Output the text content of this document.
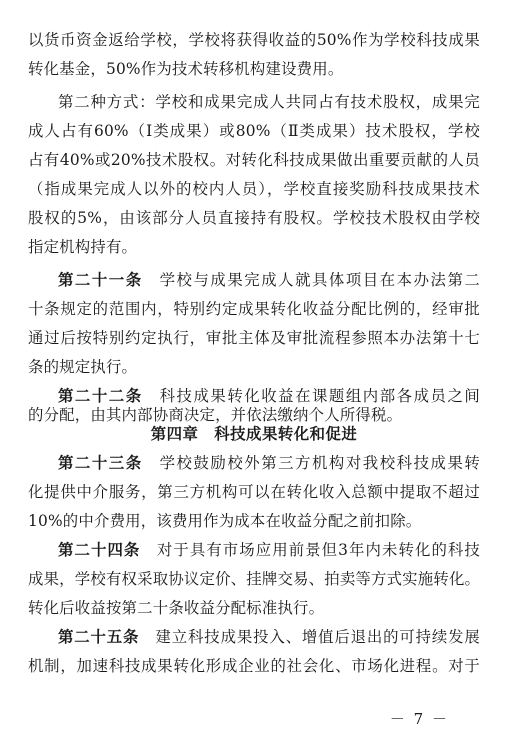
以货币资金返给学校，学校将获得收益的50%作为学校科技成果
转化基金，50%作为技术转移机构建设费用。
第二种方式：学校和成果完成人共同占有技术股权，成果完
成人占有60%（Ⅰ类成果）或80%（Ⅱ类成果）技术股权，学校
占有40%或20%技术股权。对转化科技成果做出重要贡献的人员
（指成果完成人以外的校内人员），学校直接奖励科技成果技术
股权的5%，由该部分人员直接持有股权。学校技术股权由学校
指定机构持有。
第二十一条　 学校与成果完成人就具体项目在本办法第二
十条规定的范围内，特别约定成果转化收益分配比例的，经审批
通过后按特别约定执行，审批主体及审批流程参照本办法第十七
条的规定执行。
第二十二条　 科技成果转化收益在课题组内部各成员之间
第四章　科技成果转化和促进
的分配，由其内部协商决定，并依法缴纳个人所得税。
第二十三条　 学校鼓励校外第三方机构对我校科技成果转
化提供中介服务，第三方机构可以在转化收入总额中提取不超过
10%的中介费用，该费用作为成本在收益分配之前扣除。
第二十四条　 对于具有市场应用前景但3年内未转化的科技
成果，学校有权采取协议定价、挂牌交易、拍卖等方式实施转化。
转化后收益按第二十条收益分配标准执行。
第二十五条　 建立科技成果投入、增值后退出的可持续发展
机制，加速科技成果转化形成企业的社会化、市场化进程。对于
－ 7 －
